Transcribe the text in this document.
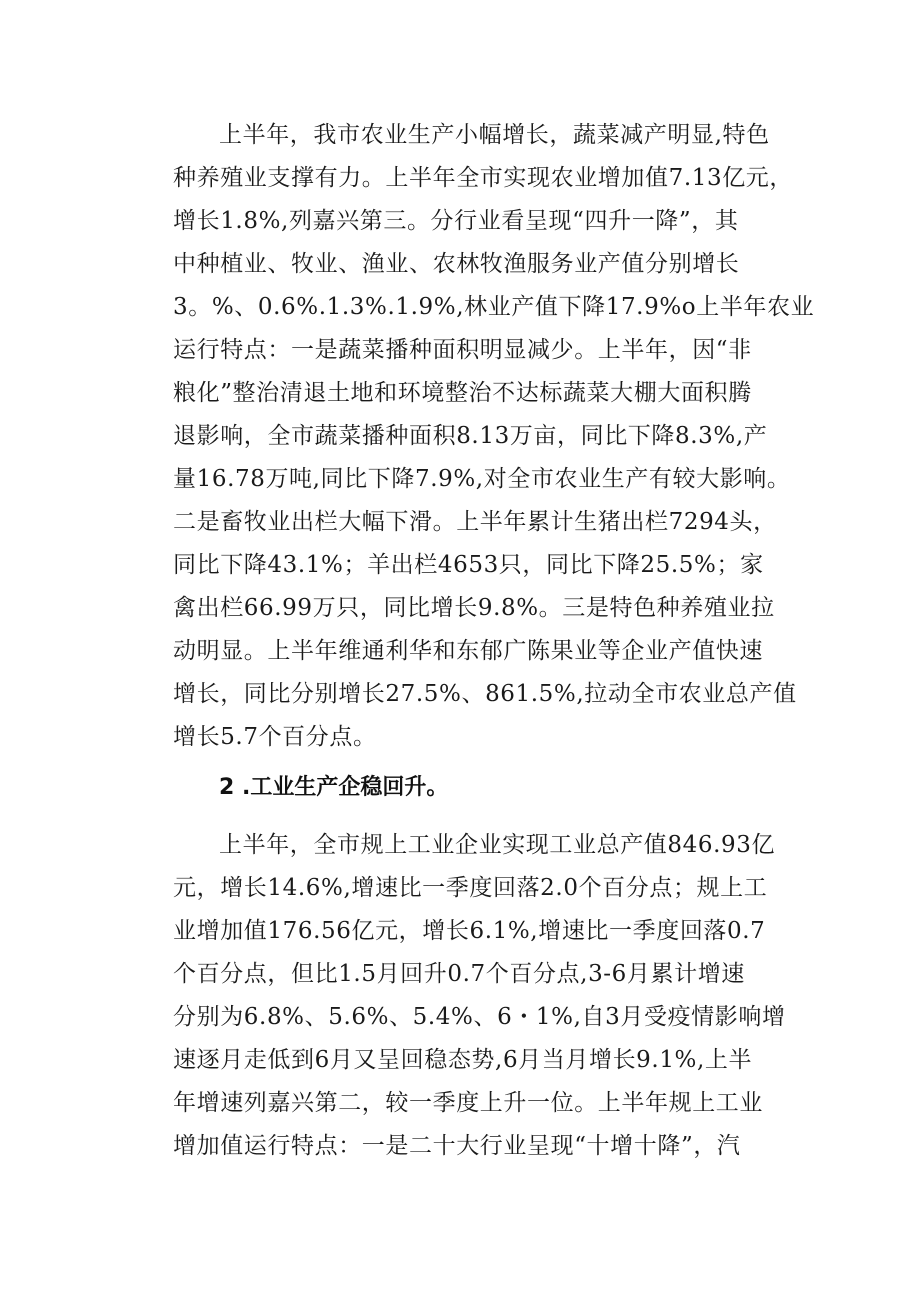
上半年，我市农业生产小幅增长，蔬菜减产明显,特色
种养殖业支撑有力。上半年全市实现农业增加值7.13亿元，
增长1.8%,列嘉兴第三。分行业看呈现“四升一降”，其
中种植业、牧业、渔业、农林牧渔服务业产值分别增长
3。%、0.6%.1.3%.1.9%,林业产值下降17.9%o上半年农业
运行特点：一是蔬菜播种面积明显减少。上半年，因“非
粮化”整治清退土地和环境整治不达标蔬菜大棚大面积腾
退影响，全市蔬菜播种面积8.13万亩，同比下降8.3%,产
量16.78万吨,同比下降7.9%,对全市农业生产有较大影响。
二是畜牧业出栏大幅下滑。上半年累计生猪出栏7294头，
同比下降43.1%；羊出栏4653只，同比下降25.5%；家
禽出栏66.99万只，同比增长9.8%。三是特色种养殖业拉
动明显。上半年维通利华和东郁广陈果业等企业产值快速
增长，同比分别增长27.5%、861.5%,拉动全市农业总产值
增长5.7个百分点。
2 .工业生产企稳回升。
上半年，全市规上工业企业实现工业总产值846.93亿
元，增长14.6%,增速比一季度回落2.0个百分点；规上工
业增加值176.56亿元，增长6.1%,增速比一季度回落0.7
个百分点，但比1.5月回升0.7个百分点,3-6月累计增速
分别为6.8%、5.6%、5.4%、6・1%,自3月受疫情影响增
速逐月走低到6月又呈回稳态势,6月当月增长9.1%,上半
年增速列嘉兴第二，较一季度上升一位。上半年规上工业
增加值运行特点：一是二十大行业呈现“十增十降”，汽
